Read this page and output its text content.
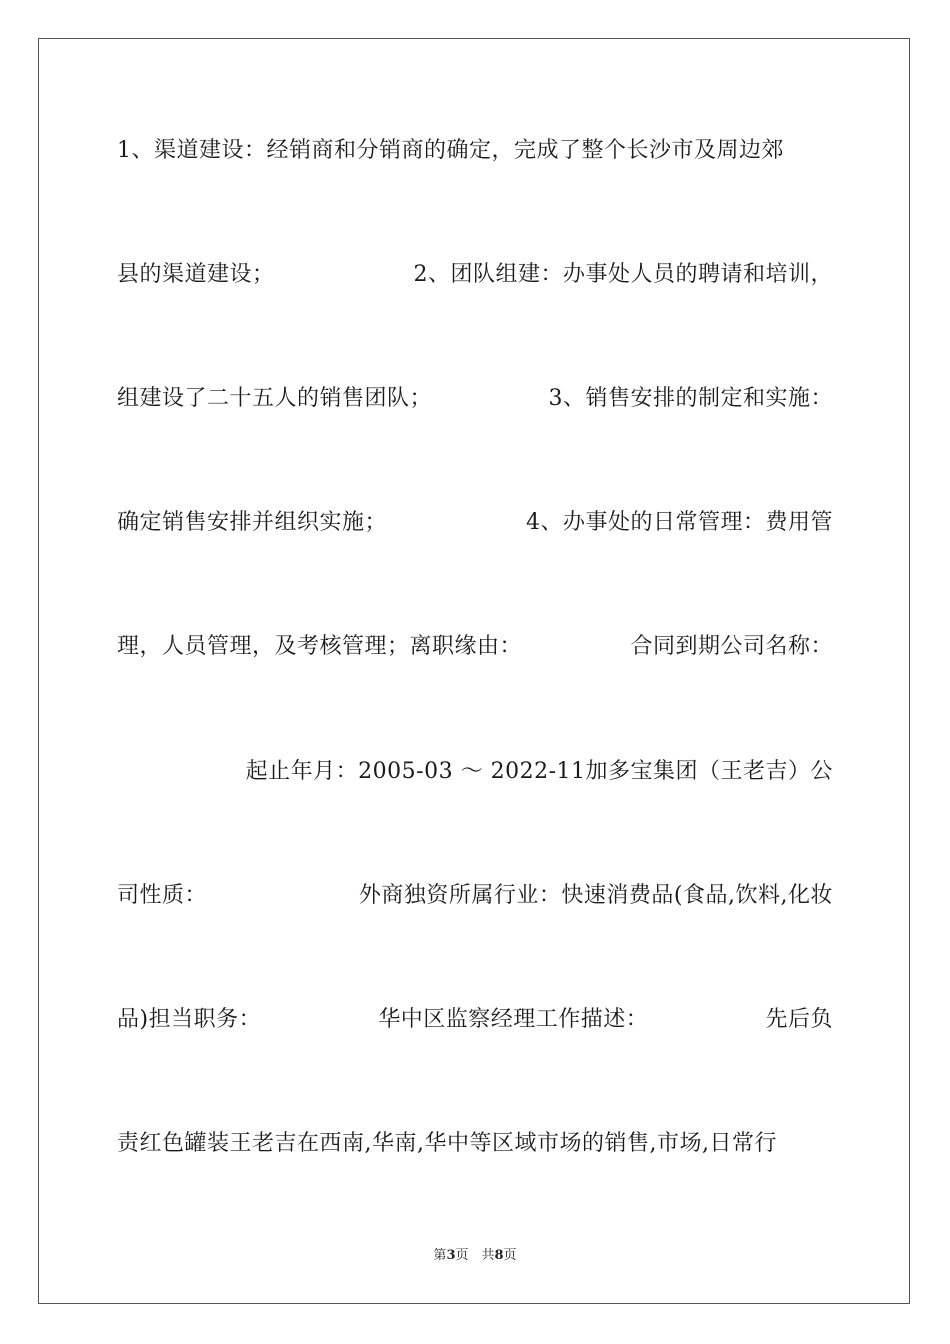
1、渠道建设：经销商和分销商的确定，完成了整个长沙市及周边郊
县的渠道建设；	2、团队组建：办事处人员的聘请和培训，
组建设了二十五人的销售团队；	3、销售安排的制定和实施：
确定销售安排并组织实施；	4、办事处的日常管理：费用管
理，人员管理，及考核管理；离职缘由：	合同到期公司名称：
起止年月：2005-03 ～ 2022-11加多宝集团（王老吉）公
司性质：	外商独资所属行业：快速消费品(食品,饮料,化妆
品)担当职务：	华中区监察经理工作描述：	先后负
责红色罐装王老吉在西南,华南,华中等区域市场的销售,市场,日常行
第3页　共8页
